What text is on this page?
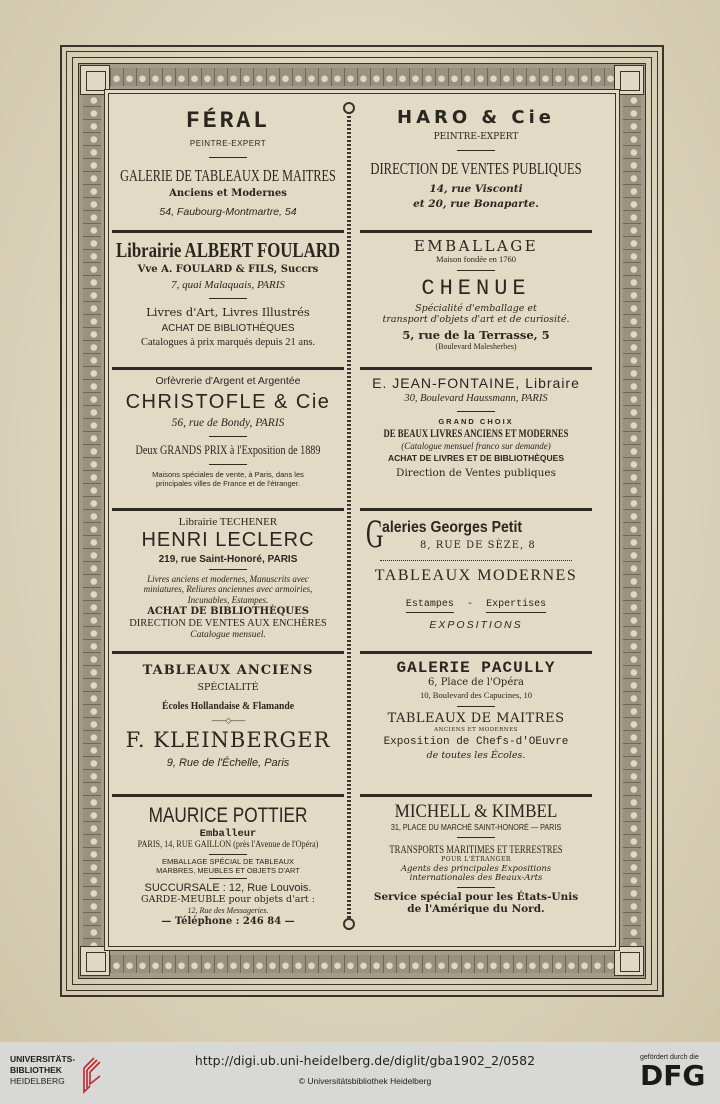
FÉRAL
PEINTRE-EXPERT
GALERIE DE TABLEAUX DE MAITRES
Anciens et Modernes
54, Faubourg-Montmartre, 54
Librairie ALBERT FOULARD
Vve A. FOULARD & FILS, Succrs
7, quai Malaquais, PARIS
Livres d'Art, Livres Illustrés
ACHAT DE BIBLIOTHÈQUES
Catalogues à prix marqués depuis 21 ans.
Orfèvrerie d'Argent et Argentée
CHRISTOFLE & Cie
56, rue de Bondy, PARIS
Deux GRANDS PRIX à l'Exposition de 1889
Maisons spéciales de vente, à Paris, dans les
principales villes de France et de l'étranger.
Librairie TECHENER
HENRI LECLERC
219, rue Saint-Honoré, PARIS
Livres anciens et modernes, Manuscrits avec
miniatures, Reliures anciennes avec armoiries,
Incunables, Estampes.
ACHAT DE BIBLIOTHÈQUES
DIRECTION DE VENTES AUX ENCHÈRES
Catalogue mensuel.
TABLEAUX ANCIENS
SPÉCIALITÉ
Écoles Hollandaise & Flamande
——◇——
F. KLEINBERGER
9, Rue de l'Échelle, Paris
MAURICE POTTIER
Emballeur
PARIS, 14, RUE GAILLON (près l'Avenue de l'Opéra)
EMBALLAGE SPÉCIAL DE TABLEAUX
MARBRES, MEUBLES ET OBJETS D'ART
SUCCURSALE : 12, Rue Louvois.
GARDE-MEUBLE pour objets d'art :
12, Rue des Messageries.
— Téléphone : 246 84 —
HARO & Cie
PEINTRE-EXPERT
DIRECTION DE VENTES PUBLIQUES
14, rue Visconti
et 20, rue Bonaparte.
EMBALLAGE
Maison fondée en 1760
CHENUE
Spécialité d'emballage et
transport d'objets d'art et de curiosité.
5, rue de la Terrasse, 5
(Boulevard Malesherbes)
E. JEAN-FONTAINE, Libraire
30, Boulevard Haussmann, PARIS
GRAND CHOIX
DE BEAUX LIVRES ANCIENS ET MODERNES
(Catalogue mensuel franco sur demande)
ACHAT DE LIVRES ET DE BIBLIOTHÈQUES
Direction de Ventes publiques
G
aleries Georges Petit
8, RUE DE SÈZE, 8
TABLEAUX MODERNES
Estampes - Expertises
EXPOSITIONS
GALERIE PACULLY
6, Place de l'Opéra
10, Boulevard des Capucines, 10
TABLEAUX DE MAITRES
ANCIENS ET MODERNES
Exposition de Chefs-d'OEuvre
de toutes les Écoles.
MICHELL & KIMBEL
31, PLACE DU MARCHÉ SAINT-HONORÉ — PARIS
TRANSPORTS MARITIMES ET TERRESTRES
POUR L'ÉTRANGER
Agents des principales Expositions
internationales des Beaux-Arts
Service spécial pour les États-Unis
de l'Amérique du Nord.
UNIVERSITÄTS-
BIBLIOTHEK
HEIDELBERG
http://digi.ub.uni-heidelberg.de/diglit/gba1902_2/0582
© Universitätsbibliothek Heidelberg
gefördert durch die
DFG
